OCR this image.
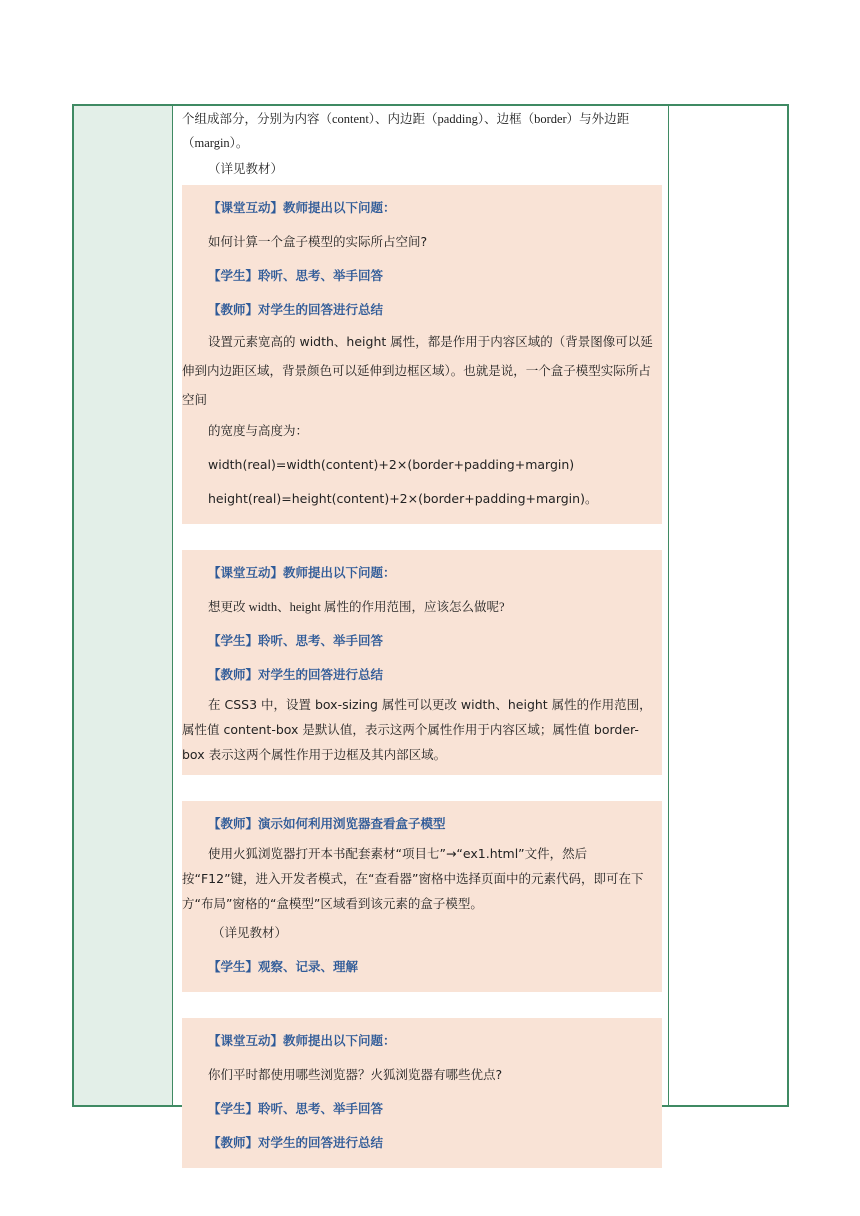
个组成部分，分别为内容（content）、内边距（padding）、边框（border）与外边距

（margin）。

（详见教材）

【课堂互动】教师提出以下问题：
如何计算一个盒子模型的实际所占空间?
【学生】聆听、思考、举手回答
【教师】对学生的回答进行总结
设置元素宽高的 width、height 属性，都是作用于内容区域的（背景图像可以延伸到内边距区域，背景颜色可以延伸到边框区域）。也就是说，一个盒子模型实际所占空间
的宽度与高度为：
width(real)=width(content)+2×(border+padding+margin)
height(real)=height(content)+2×(border+padding+margin)。
【课堂互动】教师提出以下问题：
想更改 width、height 属性的作用范围，应该怎么做呢?
【学生】聆听、思考、举手回答
【教师】对学生的回答进行总结
在 CSS3 中，设置 box-sizing 属性可以更改 width、height 属性的作用范围，属性值 content-box 是默认值，表示这两个属性作用于内容区域；属性值 border-box 表示这两个属性作用于边框及其内部区域。
【教师】演示如何利用浏览器查看盒子模型
使用火狐浏览器打开本书配套素材“项目七”→“ex1.html”文件，然后按“F12”键，进入开发者模式，在“查看器”窗格中选择页面中的元素代码，即可在下方“布局”窗格的“盒模型”区域看到该元素的盒子模型。
（详见教材）
【学生】观察、记录、理解
【课堂互动】教师提出以下问题：
你们平时都使用哪些浏览器？火狐浏览器有哪些优点?
【学生】聆听、思考、举手回答
【教师】对学生的回答进行总结
